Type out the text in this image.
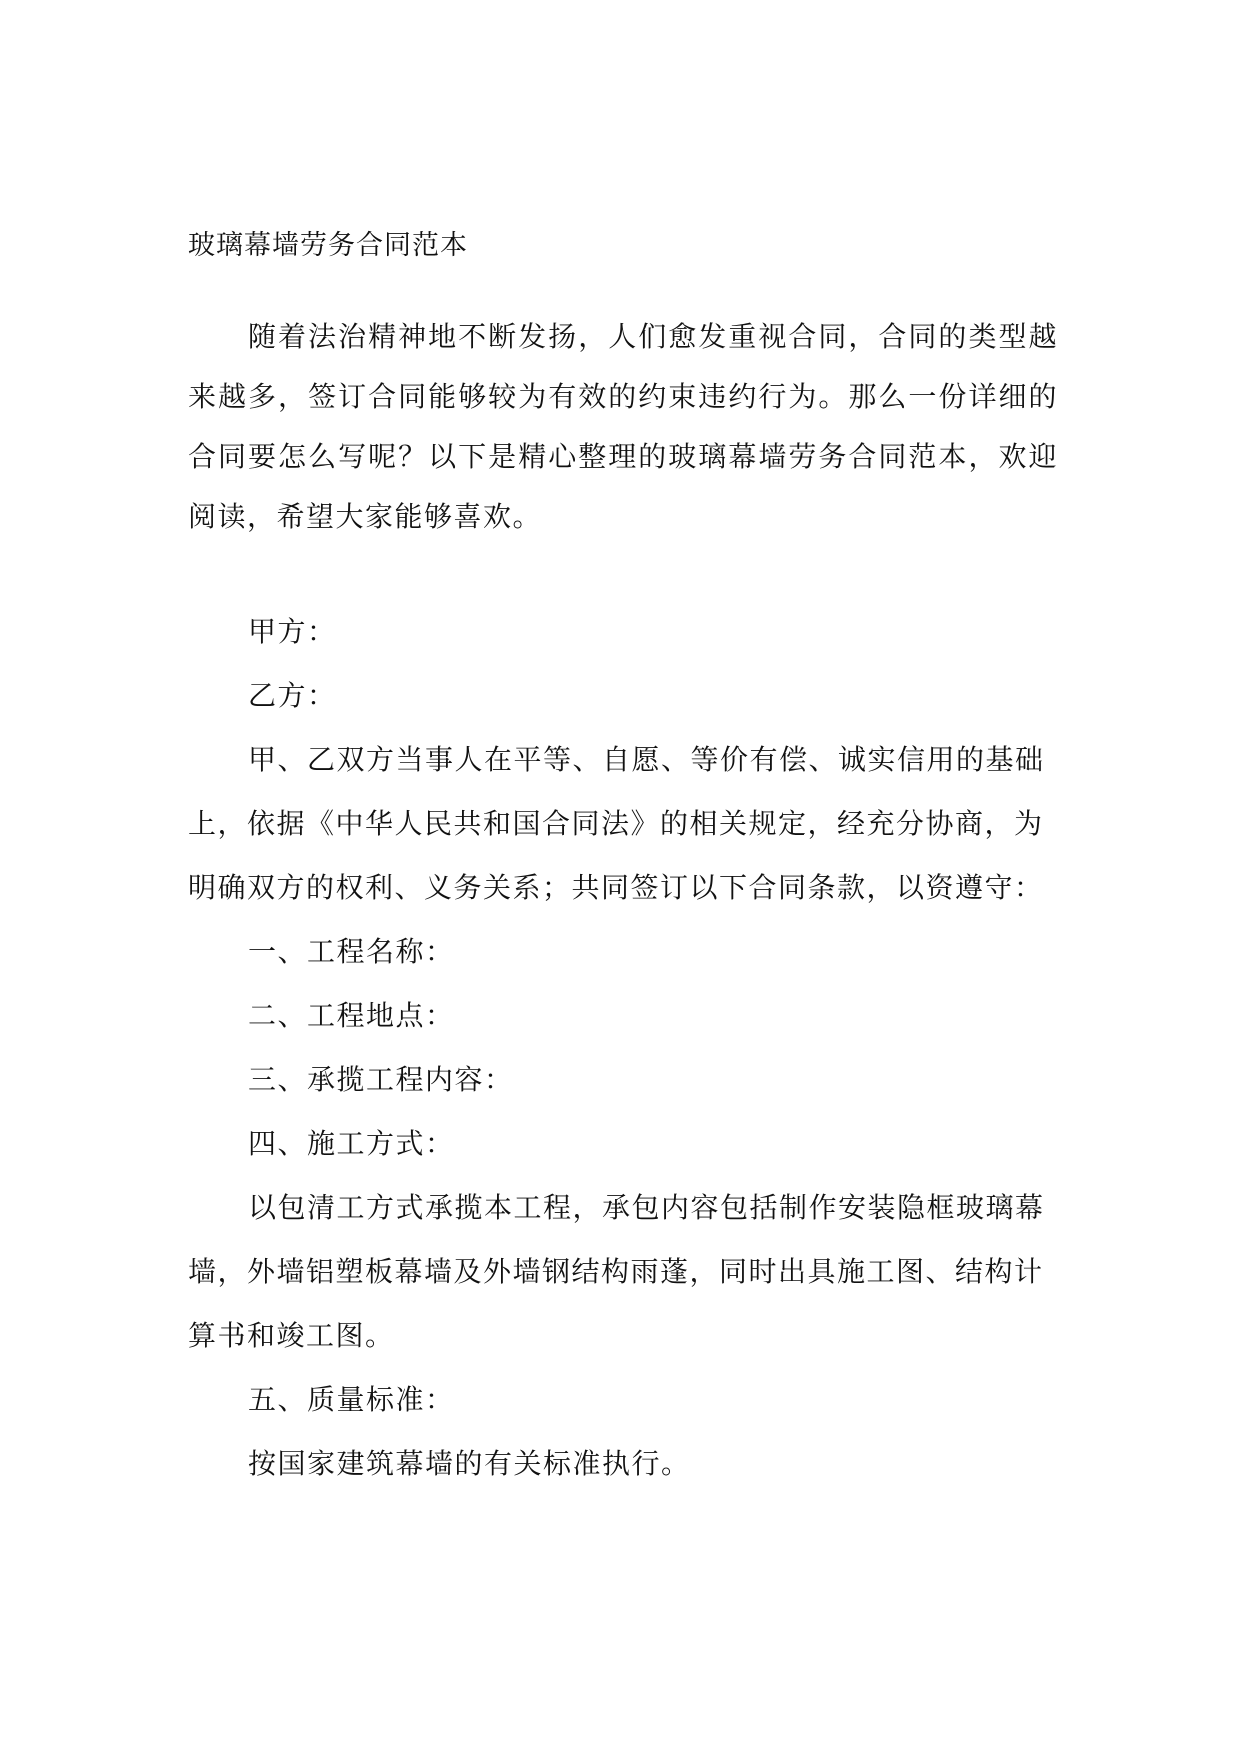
玻璃幕墙劳务合同范本

随着法治精神地不断发扬，人们愈发重视合同，合同的类型越来越多，签订合同能够较为有效的约束违约行为。那么一份详细的合同要怎么写呢？以下是精心整理的玻璃幕墙劳务合同范本，欢迎阅读，希望大家能够喜欢。

甲方：

乙方：

甲、乙双方当事人在平等、自愿、等价有偿、诚实信用的基础上，依据《中华人民共和国合同法》的相关规定，经充分协商，为明确双方的权利、义务关系；共同签订以下合同条款，以资遵守：

一、工程名称：

二、工程地点：

三、承揽工程内容：

四、施工方式：

以包清工方式承揽本工程，承包内容包括制作安装隐框玻璃幕墙，外墙铝塑板幕墙及外墙钢结构雨蓬，同时出具施工图、结构计算书和竣工图。

五、质量标准：

按国家建筑幕墙的有关标准执行。
